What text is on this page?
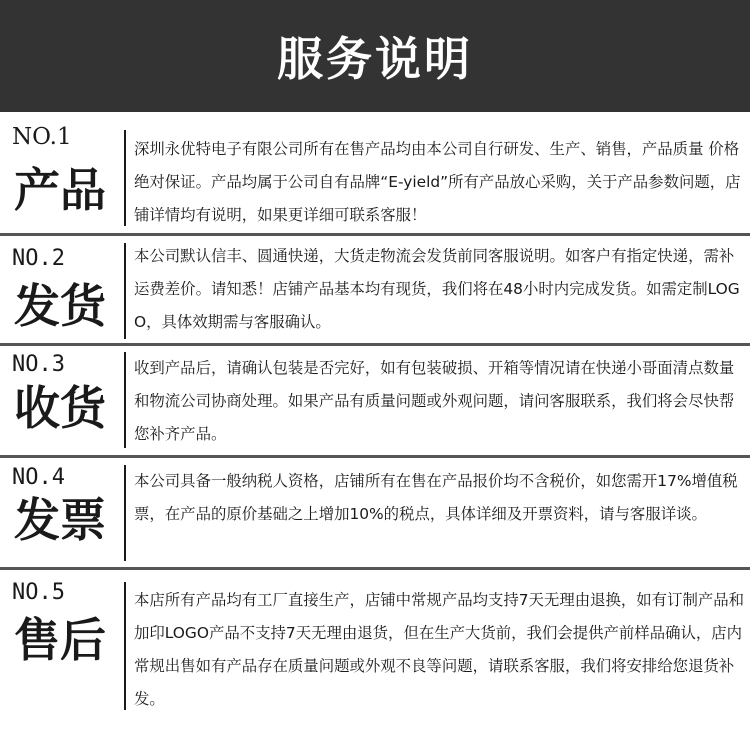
服务说明
NO.1
产品
深圳永优特电子有限公司所有在售产品均由本公司自行研发、生产、销售，产品质量 价格绝对保证。产品均属于公司自有品牌“E-yield”所有产品放心采购，关于产品参数问题，店铺详情均有说明，如果更详细可联系客服！
NO.2
发货
本公司默认信丰、圆通快递，大货走物流会发货前同客服说明。如客户有指定快递，需补运费差价。请知悉！店铺产品基本均有现货，我们将在48小时内完成发货。如需定制LOGO，具体效期需与客服确认。
NO.3
收货
收到产品后，请确认包装是否完好，如有包装破损、开箱等情况请在快递小哥面清点数量和物流公司协商处理。如果产品有质量问题或外观问题，请问客服联系，我们将会尽快帮您补齐产品。
NO.4
发票
本公司具备一般纳税人资格，店铺所有在售在产品报价均不含税价，如您需开17%增值税票，在产品的原价基础之上增加10%的税点，具体详细及开票资料，请与客服详谈。
NO.5
售后
本店所有产品均有工厂直接生产，店铺中常规产品均支持7天无理由退换，如有订制产品和加印LOGO产品不支持7天无理由退货，但在生产大货前，我们会提供产前样品确认，店内常规出售如有产品存在质量问题或外观不良等问题，请联系客服，我们将安排给您退货补发。
